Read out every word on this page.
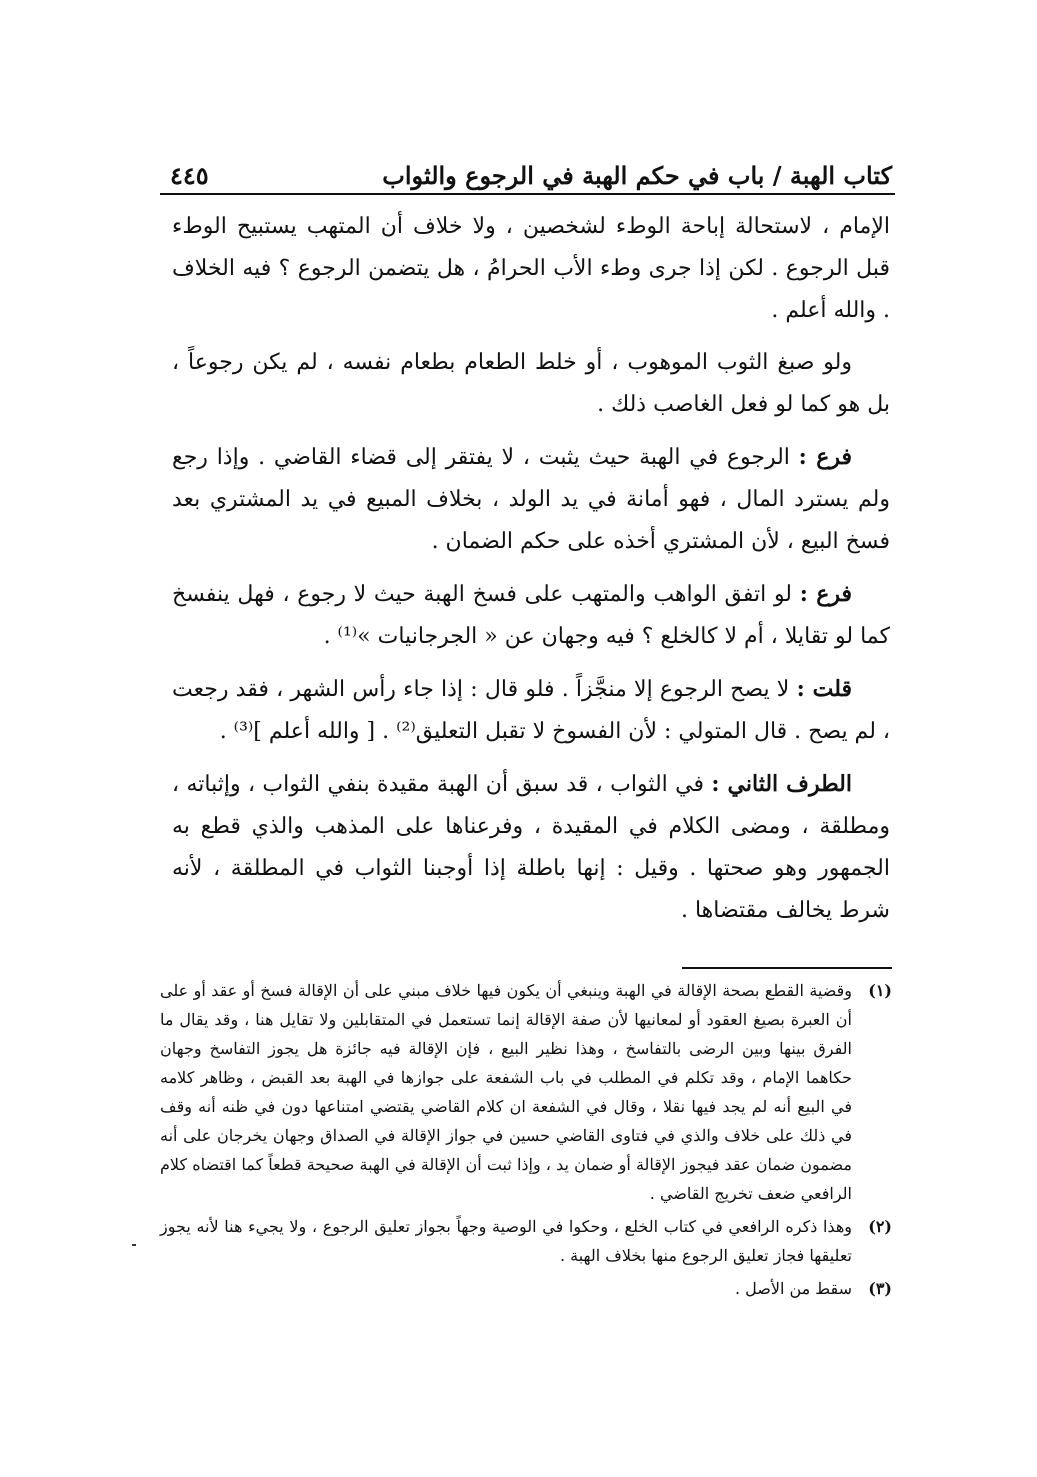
كتاب الهبة / باب في حكم الهبة في الرجوع والثواب
٤٤٥

الإمام ، لاستحالة إباحة الوطء لشخصين ، ولا خلاف أن المتهب يستبيح الوطء قبل الرجوع . لكن إذا جرى وطء الأب الحرامُ ، هل يتضمن الرجوع ؟ فيه الخلاف . والله أعلم .

ولو صبغ الثوب الموهوب ، أو خلط الطعام بطعام نفسه ، لم يكن رجوعاً ، بل هو كما لو فعل الغاصب ذلك .

فرع : الرجوع في الهبة حيث يثبت ، لا يفتقر إلى قضاء القاضي . وإذا رجع ولم يسترد المال ، فهو أمانة في يد الولد ، بخلاف المبيع في يد المشتري بعد فسخ البيع ، لأن المشتري أخذه على حكم الضمان .

فرع : لو اتفق الواهب والمتهب على فسخ الهبة حيث لا رجوع ، فهل ينفسخ كما لو تقايلا ، أم لا كالخلع ؟ فيه وجهان عن « الجرجانيات »⁽¹⁾ .

قلت : لا يصح الرجوع إلا منجَّزاً . فلو قال : إذا جاء رأس الشهر ، فقد رجعت ، لم يصح . قال المتولي : لأن الفسوخ لا تقبل التعليق⁽²⁾ . [ والله أعلم ]⁽³⁾ .

الطرف الثاني : في الثواب ، قد سبق أن الهبة مقيدة بنفي الثواب ، وإثباته ، ومطلقة ، ومضى الكلام في المقيدة ، وفرعناها على المذهب والذي قطع به الجمهور وهو صحتها . وقيل : إنها باطلة إذا أوجبنا الثواب في المطلقة ، لأنه شرط يخالف مقتضاها .

(١)
وقضية القطع بصحة الإقالة في الهبة وينبغي أن يكون فيها خلاف مبني على أن الإقالة فسخ أو عقد أو على أن العبرة بصيغ العقود أو لمعانيها لأن صفة الإقالة إنما تستعمل في المتقابلين ولا تقايل هنا ، وقد يقال ما الفرق بينها وبين الرضى بالتفاسخ ، وهذا نظير البيع ، فإن الإقالة فيه جائزة هل يجوز التفاسخ وجهان حكاهما الإمام ، وقد تكلم في المطلب في باب الشفعة على جوازها في الهبة بعد القبض ، وظاهر كلامه في البيع أنه لم يجد فيها نقلا ، وقال في الشفعة ان كلام القاضي يقتضي امتناعها دون في ظنه أنه وقف في ذلك على خلاف والذي في فتاوى القاضي حسين في جواز الإقالة في الصداق وجهان يخرجان على أنه مضمون ضمان عقد فيجوز الإقالة أو ضمان يد ، وإذا ثبت أن الإقالة في الهبة صحيحة قطعاً كما اقتضاه كلام الرافعي ضعف تخريج القاضي .
(٢)
وهذا ذكره الرافعي في كتاب الخلع ، وحكوا في الوصية وجهاً بجواز تعليق الرجوع ، ولا يجيء هنا لأنه يجوز تعليقها فجاز تعليق الرجوع منها بخلاف الهبة .
(٣)
سقط من الأصل .
